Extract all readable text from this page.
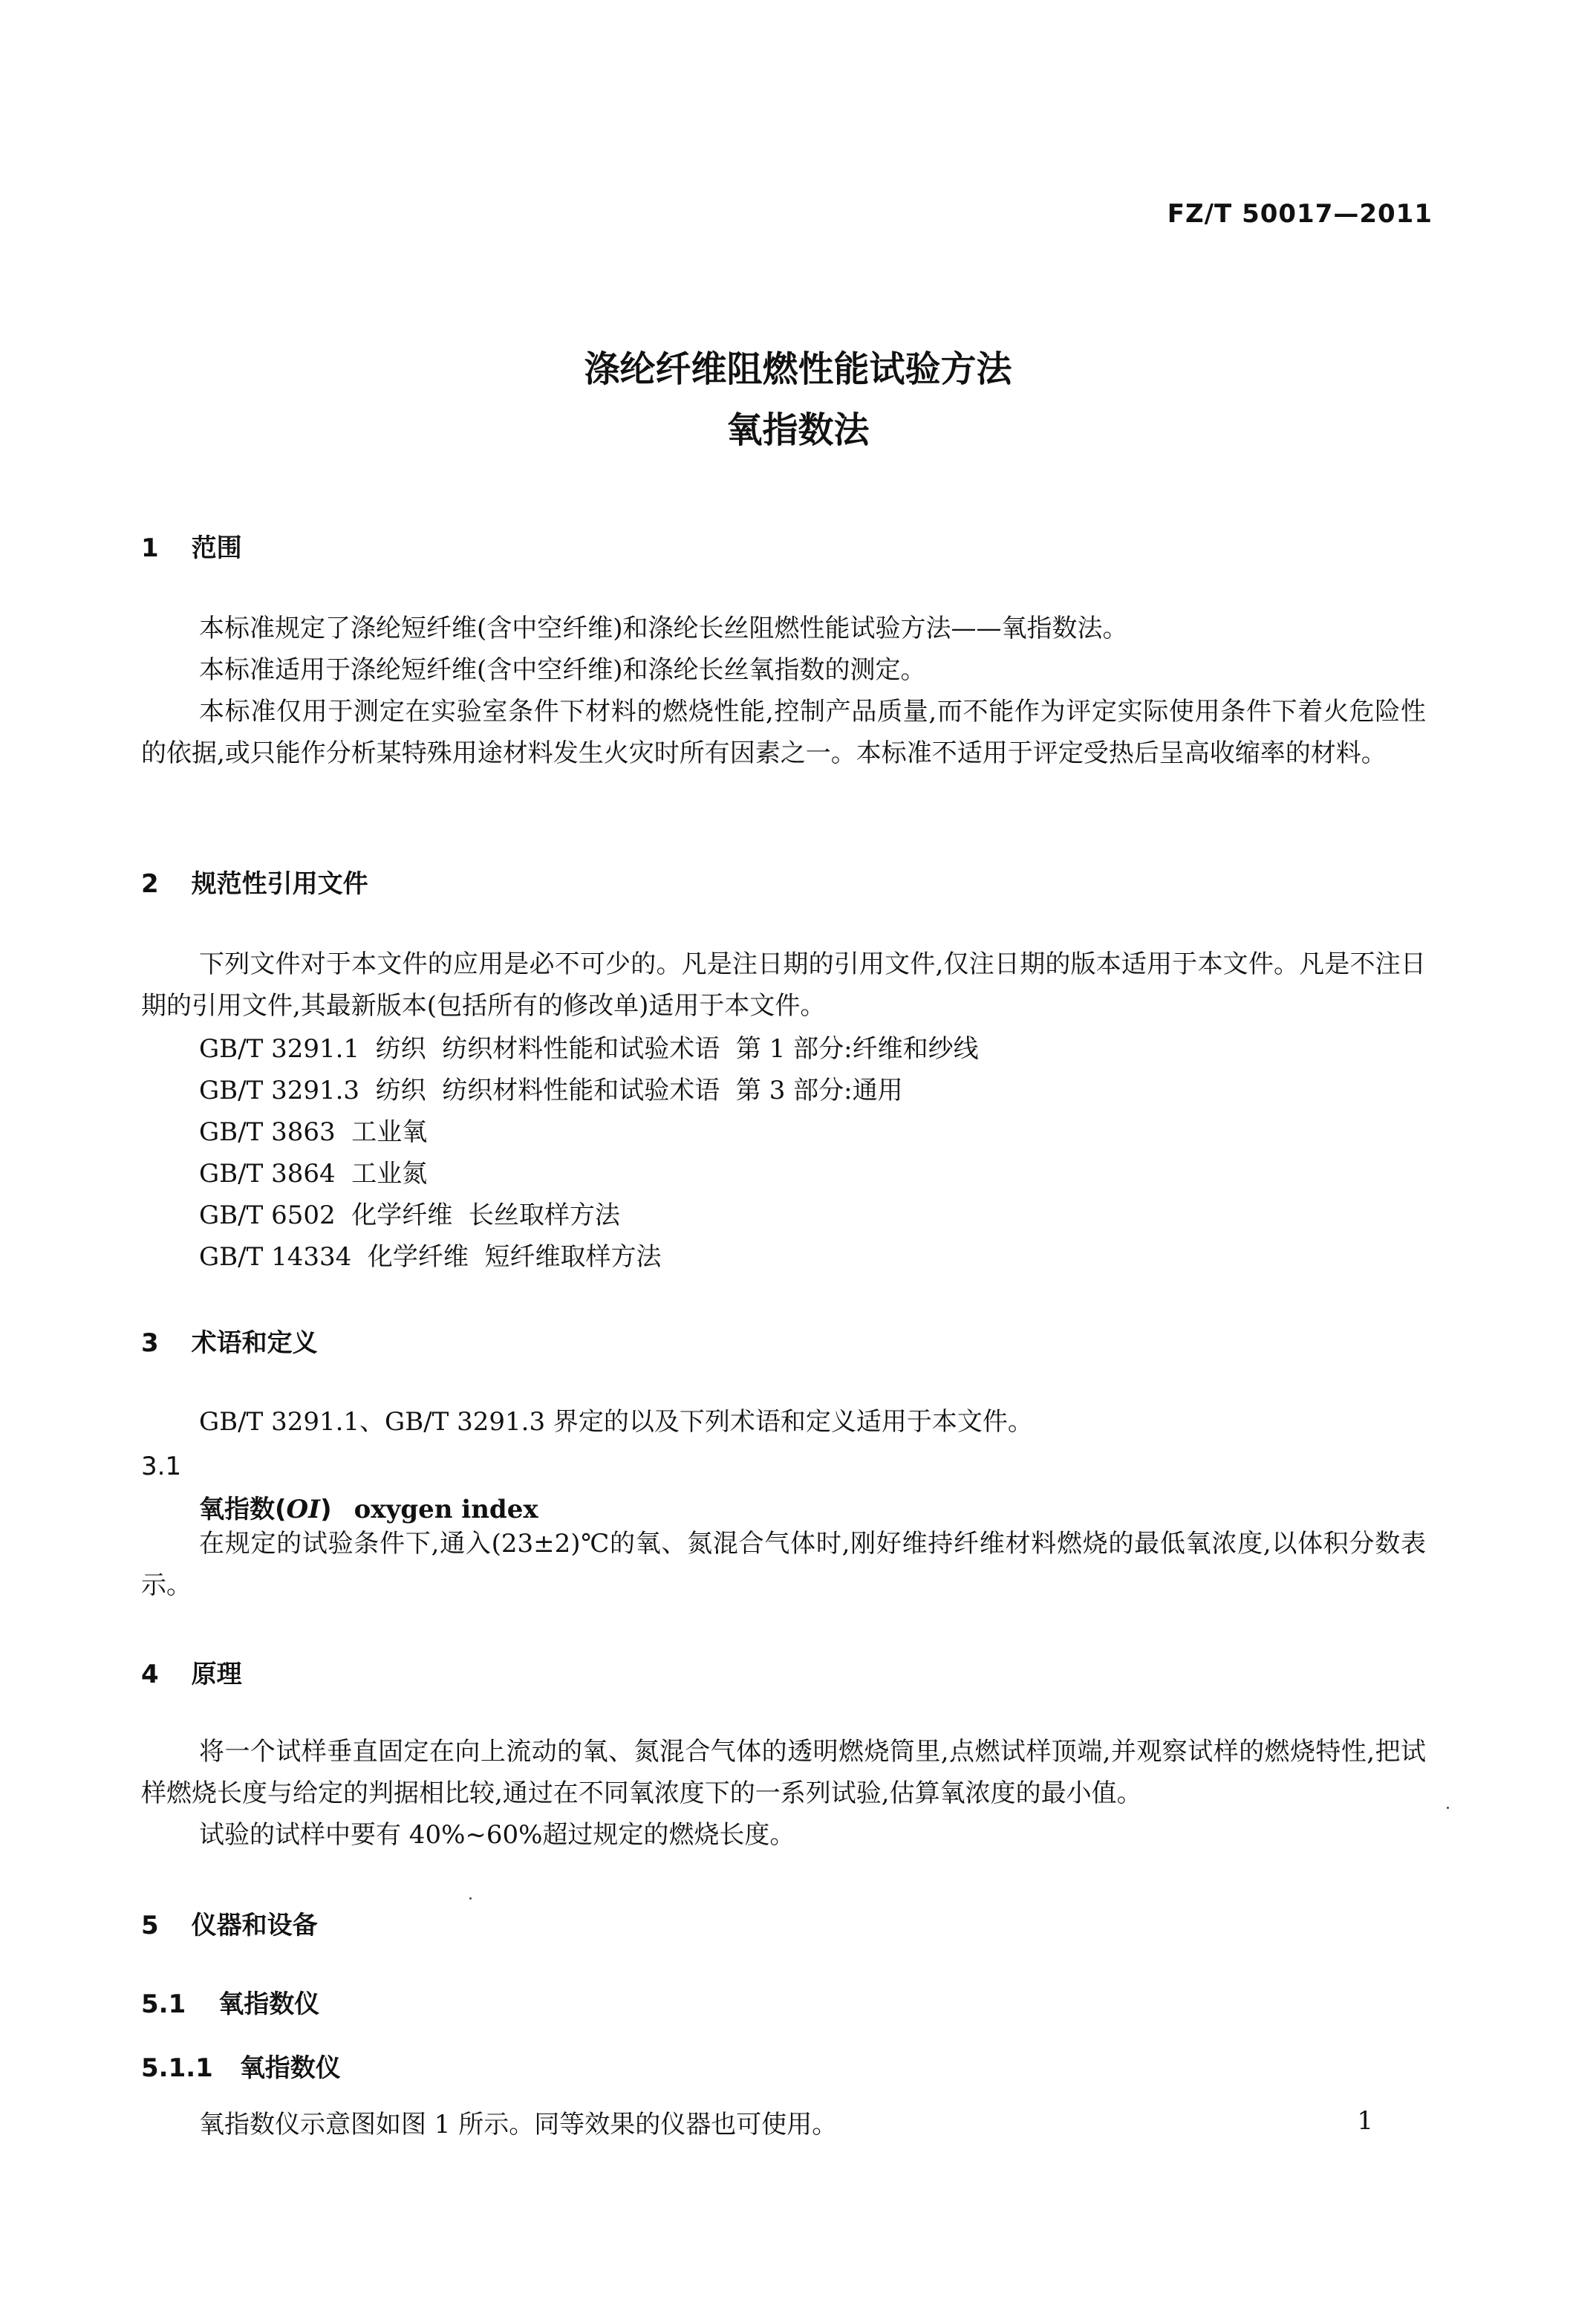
FZ/T 50017—2011
涤纶纤维阻燃性能试验方法
氧指数法
1 范围
本标准规定了涤纶短纤维(含中空纤维)和涤纶长丝阻燃性能试验方法——氧指数法。
本标准适用于涤纶短纤维(含中空纤维)和涤纶长丝氧指数的测定。
本标准仅用于测定在实验室条件下材料的燃烧性能,控制产品质量,而不能作为评定实际使用条件下着火危险性的依据,或只能作分析某特殊用途材料发生火灾时所有因素之一。本标准不适用于评定受热后呈高收缩率的材料。
2 规范性引用文件
下列文件对于本文件的应用是必不可少的。凡是注日期的引用文件,仅注日期的版本适用于本文件。凡是不注日期的引用文件,其最新版本(包括所有的修改单)适用于本文件。
GB/T 3291.1  纺织  纺织材料性能和试验术语  第 1 部分:纤维和纱线
GB/T 3291.3  纺织  纺织材料性能和试验术语  第 3 部分:通用
GB/T 3863  工业氧
GB/T 3864  工业氮
GB/T 6502  化学纤维  长丝取样方法
GB/T 14334  化学纤维  短纤维取样方法
3 术语和定义
GB/T 3291.1、GB/T 3291.3 界定的以及下列术语和定义适用于本文件。
3.1
氧指数(OI) oxygen index
在规定的试验条件下,通入(23±2)℃的氧、氮混合气体时,刚好维持纤维材料燃烧的最低氧浓度,以体积分数表示。
4 原理
将一个试样垂直固定在向上流动的氧、氮混合气体的透明燃烧筒里,点燃试样顶端,并观察试样的燃烧特性,把试样燃烧长度与给定的判据相比较,通过在不同氧浓度下的一系列试验,估算氧浓度的最小值。
试验的试样中要有 40%~60%超过规定的燃烧长度。
5 仪器和设备
5.1 氧指数仪
5.1.1 氧指数仪
氧指数仪示意图如图 1 所示。同等效果的仪器也可使用。	1
